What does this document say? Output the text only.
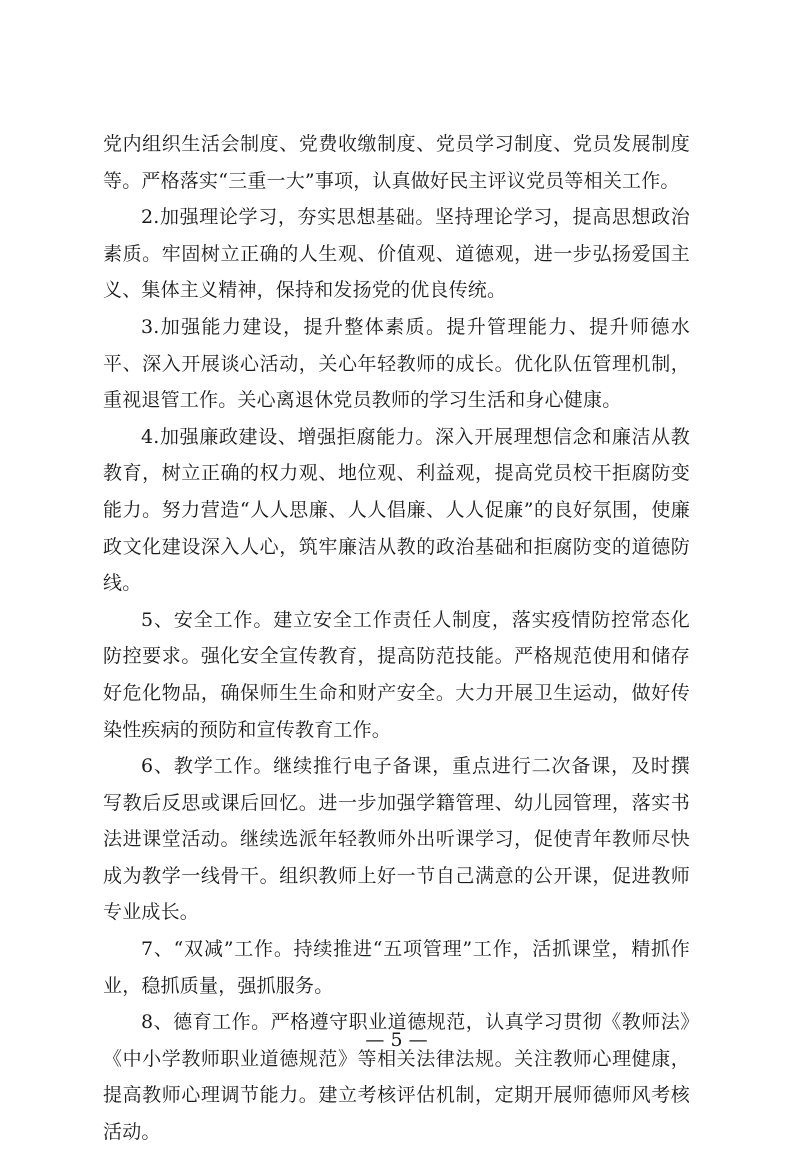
党内组织生活会制度、党费收缴制度、党员学习制度、党员发展制度等。严格落实“三重一大”事项，认真做好民主评议党员等相关工作。

2.加强理论学习，夯实思想基础。坚持理论学习，提高思想政治素质。牢固树立正确的人生观、价值观、道德观，进一步弘扬爱国主义、集体主义精神，保持和发扬党的优良传统。

3.加强能力建设，提升整体素质。提升管理能力、提升师德水平、深入开展谈心活动，关心年轻教师的成长。优化队伍管理机制，重视退管工作。关心离退休党员教师的学习生活和身心健康。

4.加强廉政建设、增强拒腐能力。深入开展理想信念和廉洁从教教育，树立正确的权力观、地位观、利益观，提高党员校干拒腐防变能力。努力营造“人人思廉、人人倡廉、人人促廉”的良好氛围，使廉政文化建设深入人心，筑牢廉洁从教的政治基础和拒腐防变的道德防线。

5、安全工作。建立安全工作责任人制度，落实疫情防控常态化防控要求。强化安全宣传教育，提高防范技能。严格规范使用和储存好危化物品，确保师生生命和财产安全。大力开展卫生运动，做好传染性疾病的预防和宣传教育工作。

6、教学工作。继续推行电子备课，重点进行二次备课，及时撰写教后反思或课后回忆。进一步加强学籍管理、幼儿园管理，落实书法进课堂活动。继续选派年轻教师外出听课学习，促使青年教师尽快成为教学一线骨干。组织教师上好一节自己满意的公开课，促进教师专业成长。

7、“双减”工作。持续推进“五项管理”工作，活抓课堂，精抓作业，稳抓质量，强抓服务。

8、德育工作。严格遵守职业道德规范，认真学习贯彻《教师法》《中小学教师职业道德规范》等相关法律法规。关注教师心理健康，提高教师心理调节能力。建立考核评估机制，定期开展师德师风考核活动。

— 5 —
